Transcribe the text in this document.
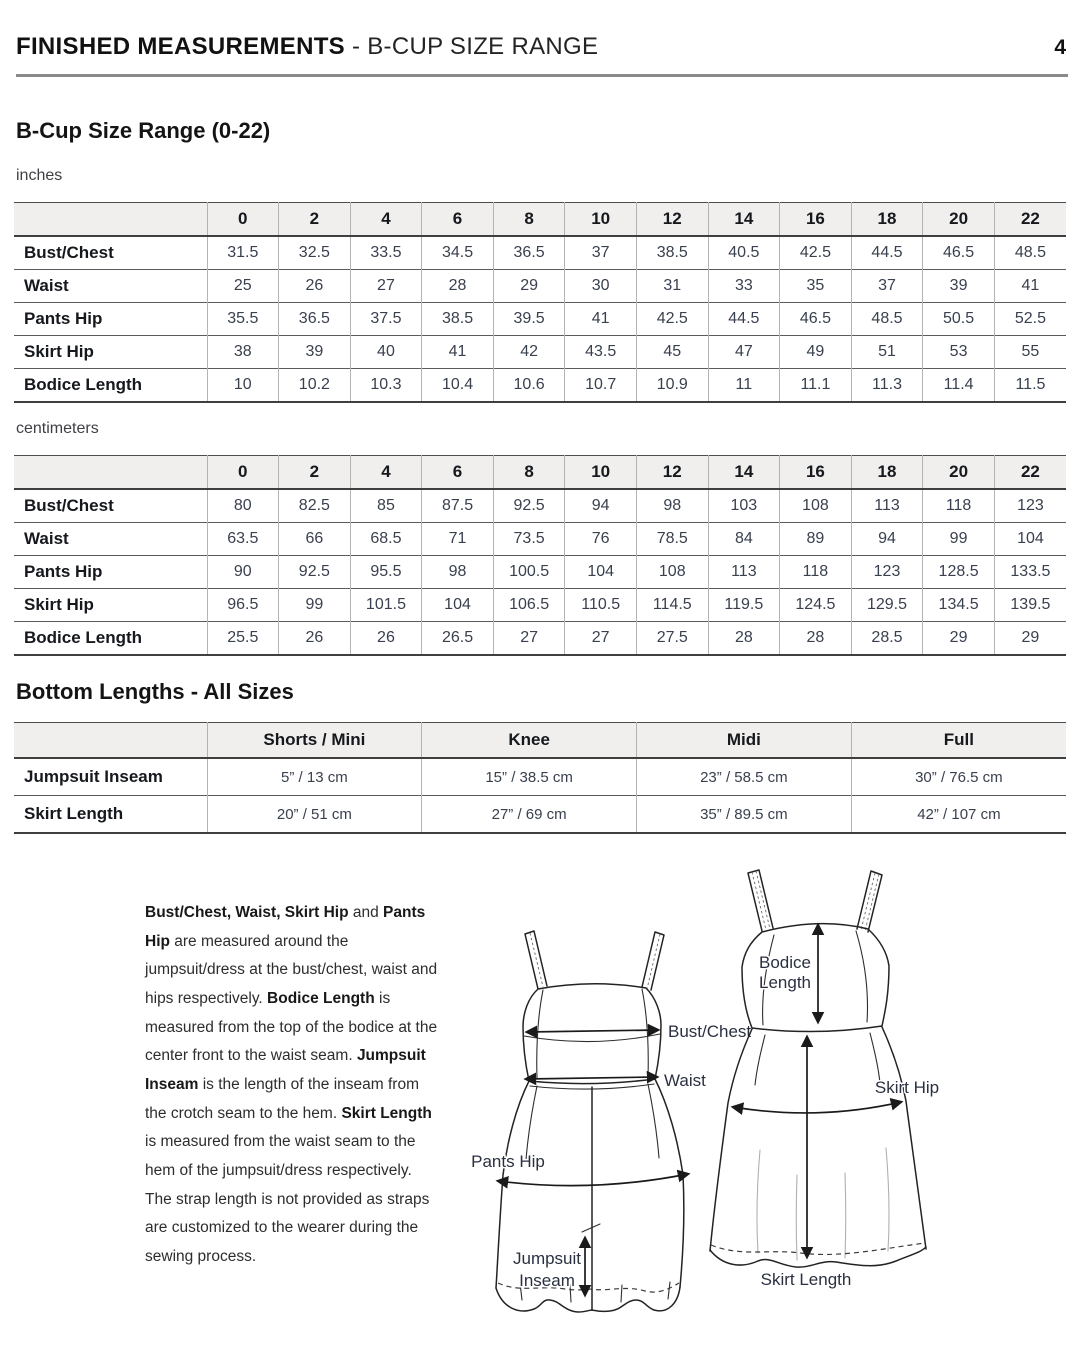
FINISHED MEASUREMENTS - B-CUP SIZE RANGE	4
B-Cup Size Range (0-22)
inches
	0	2	4	6	8	10	12	14	16	18	20	22
Bust/Chest	31.5	32.5	33.5	34.5	36.5	37	38.5	40.5	42.5	44.5	46.5	48.5
Waist	25	26	27	28	29	30	31	33	35	37	39	41
Pants Hip	35.5	36.5	37.5	38.5	39.5	41	42.5	44.5	46.5	48.5	50.5	52.5
Skirt Hip	38	39	40	41	42	43.5	45	47	49	51	53	55
Bodice Length	10	10.2	10.3	10.4	10.6	10.7	10.9	11	11.1	11.3	11.4	11.5
centimeters
	0	2	4	6	8	10	12	14	16	18	20	22
Bust/Chest	80	82.5	85	87.5	92.5	94	98	103	108	113	118	123
Waist	63.5	66	68.5	71	73.5	76	78.5	84	89	94	99	104
Pants Hip	90	92.5	95.5	98	100.5	104	108	113	118	123	128.5	133.5
Skirt Hip	96.5	99	101.5	104	106.5	110.5	114.5	119.5	124.5	129.5	134.5	139.5
Bodice Length	25.5	26	26	26.5	27	27	27.5	28	28	28.5	29	29
Bottom Lengths - All Sizes
	Shorts / Mini	Knee	Midi	Full
Jumpsuit Inseam	5” / 13 cm	15” / 38.5 cm	23” / 58.5 cm	30” / 76.5 cm
Skirt Length	20” / 51 cm	27” / 69 cm	35” / 89.5 cm	42” / 107 cm
Bust/Chest, Waist, Skirt Hip and Pants Hip are measured around the jumpsuit/dress at the bust/chest, waist and hips respectively. Bodice Length is measured from the top of the bodice at the center front to the waist seam. Jumpsuit Inseam is the length of the inseam from the crotch seam to the hem. Skirt Length is measured from the waist seam to the hem of the jumpsuit/dress respectively. The strap length is not provided as straps are customized to the wearer during the sewing process.
Bust/Chest
Waist
Pants Hip
Jumpsuit
Inseam
Bodice
Length
Skirt Hip
Skirt Length
